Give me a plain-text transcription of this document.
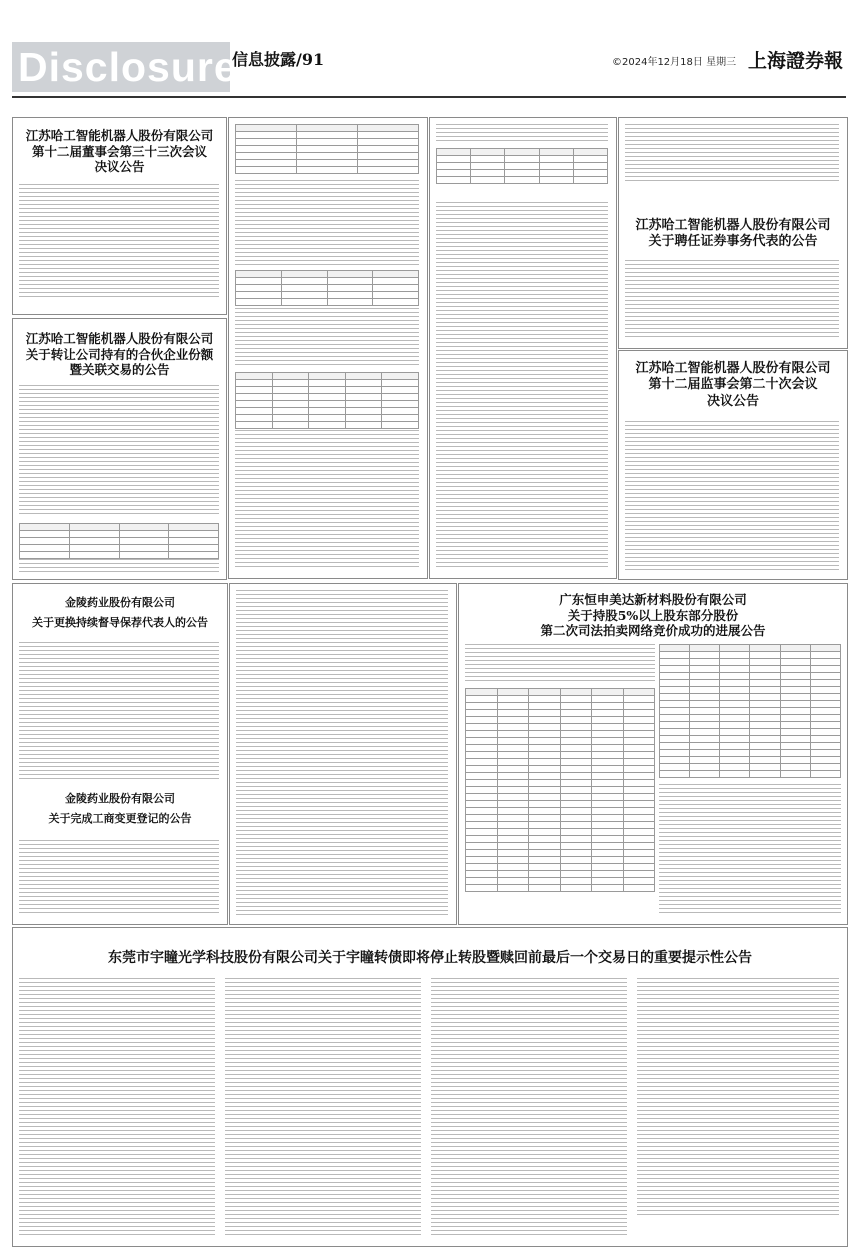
Disclosure
信息披露/91	©2024年12月18日 星期三 上海證券報
江苏哈工智能机器人股份有限公司
第十二届董事会第三十三次会议
决议公告
江苏哈工智能机器人股份有限公司
关于转让公司持有的合伙企业份额
暨关联交易的公告

江苏哈工智能机器人股份有限公司
关于聘任证券事务代表的公告
江苏哈工智能机器人股份有限公司
第十二届监事会第二十次会议
决议公告
金陵药业股份有限公司
关于更换持续督导保荐代表人的公告
金陵药业股份有限公司
关于完成工商变更登记的公告
广东恒申美达新材料股份有限公司
关于持股5%以上股东部分股份
第二次司法拍卖网络竞价成功的进展公告

东莞市宇瞳光学科技股份有限公司关于宇瞳转债即将停止转股暨赎回前最后一个交易日的重要提示性公告
